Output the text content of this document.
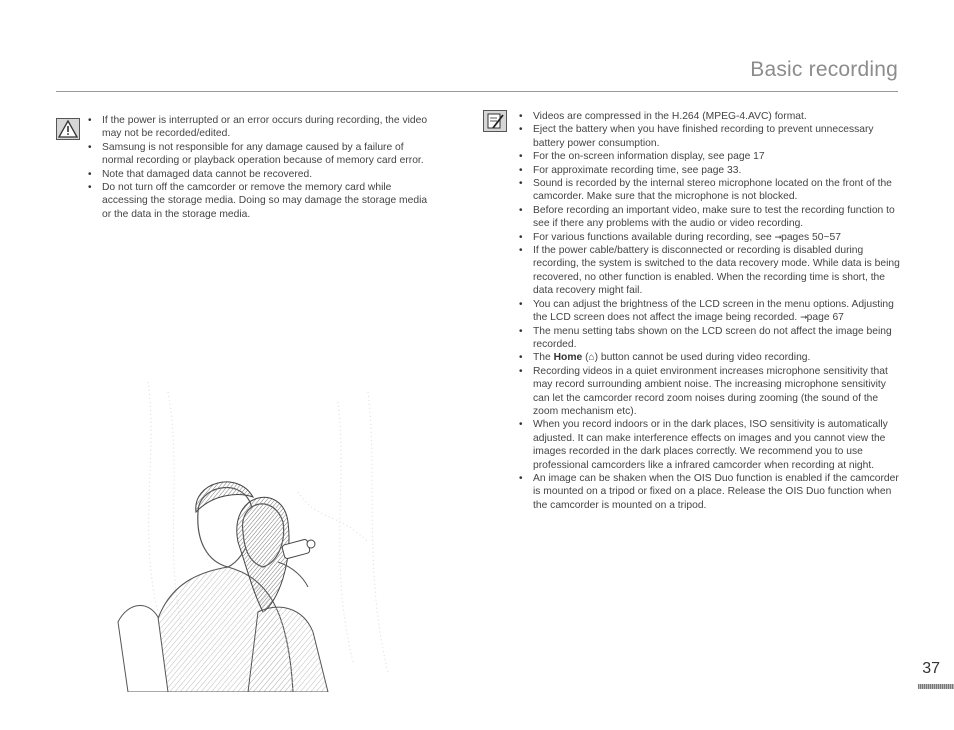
Basic recording
• If the power is interrupted or an error occurs during recording, the video may not be recorded/edited.
• Samsung is not responsible for any damage caused by a failure of normal recording or playback operation because of memory card error.
• Note that damaged data cannot be recovered.
• Do not turn off the camcorder or remove the memory card while accessing the storage media. Doing so may damage the storage media or the data in the storage media.
• Videos are compressed in the H.264 (MPEG-4.AVC) format.
• Eject the battery when you have finished recording to prevent unnecessary battery power consumption.
• For the on-screen information display, see page 17
• For approximate recording time, see page 33.
• Sound is recorded by the internal stereo microphone located on the front of the camcorder. Make sure that the microphone is not blocked.
• Before recording an important video, make sure to test the recording function to see if there any problems with the audio or video recording.
• For various functions available during recording, see ➞pages 50~57
• If the power cable/battery is disconnected or recording is disabled during recording, the system is switched to the data recovery mode. While data is being recovered, no other function is enabled. When the recording time is short, the data recovery might fail.
• You can adjust the brightness of the LCD screen in the menu options. Adjusting the LCD screen does not affect the image being recorded. ➞page 67
• The menu setting tabs shown on the LCD screen do not affect the image being recorded.
• The Home (⌂) button cannot be used during video recording.
• Recording videos in a quiet environment increases microphone sensitivity that may record surrounding ambient noise. The increasing microphone sensitivity can let the camcorder record zoom noises during zooming (the sound of the zoom mechanism etc).
• When you record indoors or in the dark places, ISO sensitivity is automatically adjusted. It can make interference effects on images and you cannot view the images recorded in the dark places correctly. We recommend you to use professional camcorders like a infrared camcorder when recording at night.
• An image can be shaken when the OIS Duo function is enabled if the camcorder is mounted on a tripod or fixed on a place. Release the OIS Duo function when the camcorder is mounted on a tripod.
37
